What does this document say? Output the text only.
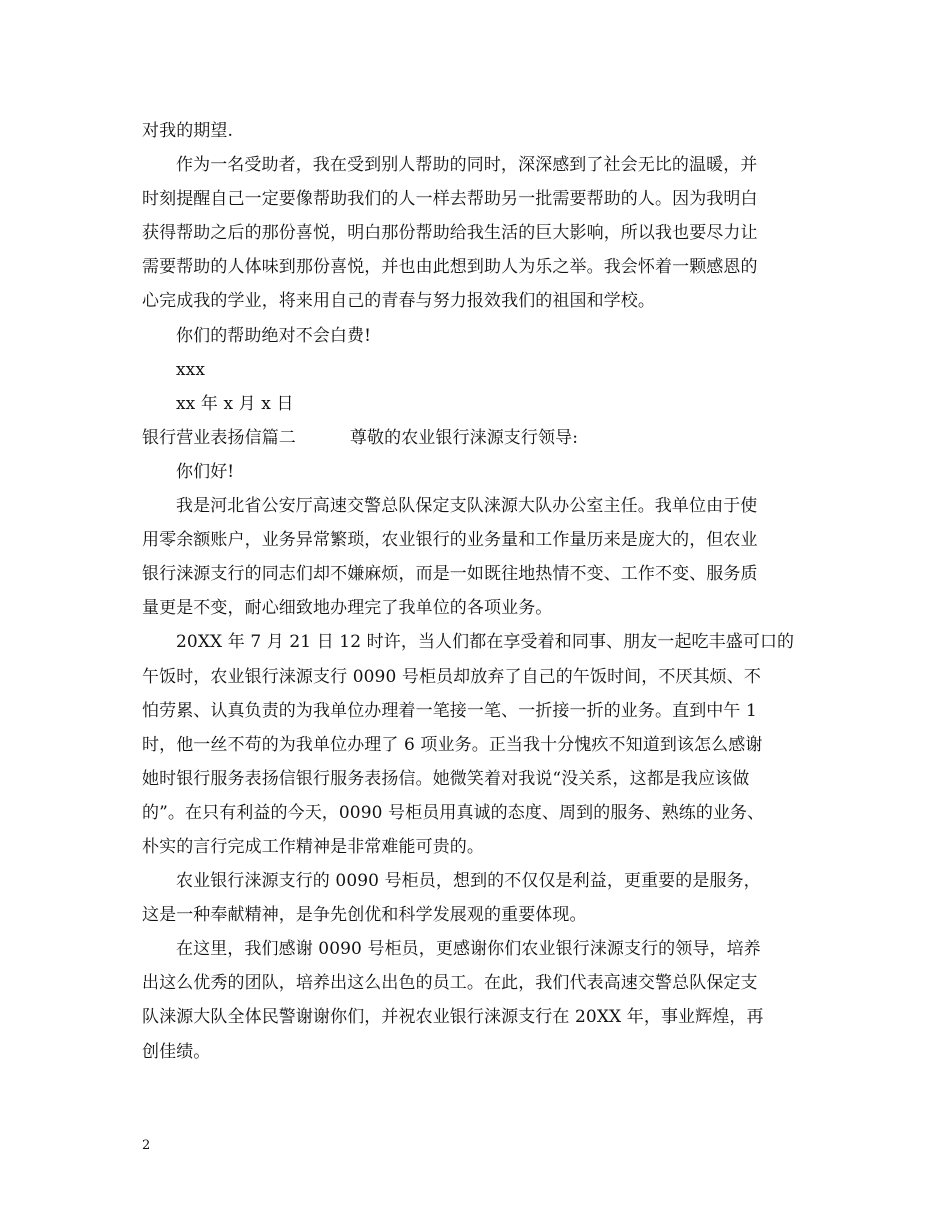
对我的期望.
作为一名受助者，我在受到别人帮助的同时，深深感到了社会无比的温暖，并
时刻提醒自己一定要像帮助我们的人一样去帮助另一批需要帮助的人。因为我明白
获得帮助之后的那份喜悦，明白那份帮助给我生活的巨大影响，所以我也要尽力让
需要帮助的人体味到那份喜悦，并也由此想到助人为乐之举。我会怀着一颗感恩的
心完成我的学业，将来用自己的青春与努力报效我们的祖国和学校。
你们的帮助绝对不会白费!
xxx
xx 年 x 月 x 日
银行营业表扬信篇二	尊敬的农业银行涞源支行领导:
你们好!
我是河北省公安厅高速交警总队保定支队涞源大队办公室主任。我单位由于使
用零余额账户，业务异常繁琐，农业银行的业务量和工作量历来是庞大的，但农业
银行涞源支行的同志们却不嫌麻烦，而是一如既往地热情不变、工作不变、服务质
量更是不变，耐心细致地办理完了我单位的各项业务。
20XX 年 7 月 21 日 12 时许，当人们都在享受着和同事、朋友一起吃丰盛可口的
午饭时，农业银行涞源支行 0090 号柜员却放弃了自己的午饭时间，不厌其烦、不
怕劳累、认真负责的为我单位办理着一笔接一笔、一折接一折的业务。直到中午 1
时，他一丝不苟的为我单位办理了 6 项业务。正当我十分愧疚不知道到该怎么感谢
她时银行服务表扬信银行服务表扬信。她微笑着对我说“没关系，这都是我应该做
的”。在只有利益的今天，0090 号柜员用真诚的态度、周到的服务、熟练的业务、
朴实的言行完成工作精神是非常难能可贵的。
农业银行涞源支行的 0090 号柜员，想到的不仅仅是利益，更重要的是服务，
这是一种奉献精神，是争先创优和科学发展观的重要体现。
在这里，我们感谢 0090 号柜员，更感谢你们农业银行涞源支行的领导，培养
出这么优秀的团队，培养出这么出色的员工。在此，我们代表高速交警总队保定支
队涞源大队全体民警谢谢你们，并祝农业银行涞源支行在 20XX 年，事业辉煌，再
创佳绩。
2
